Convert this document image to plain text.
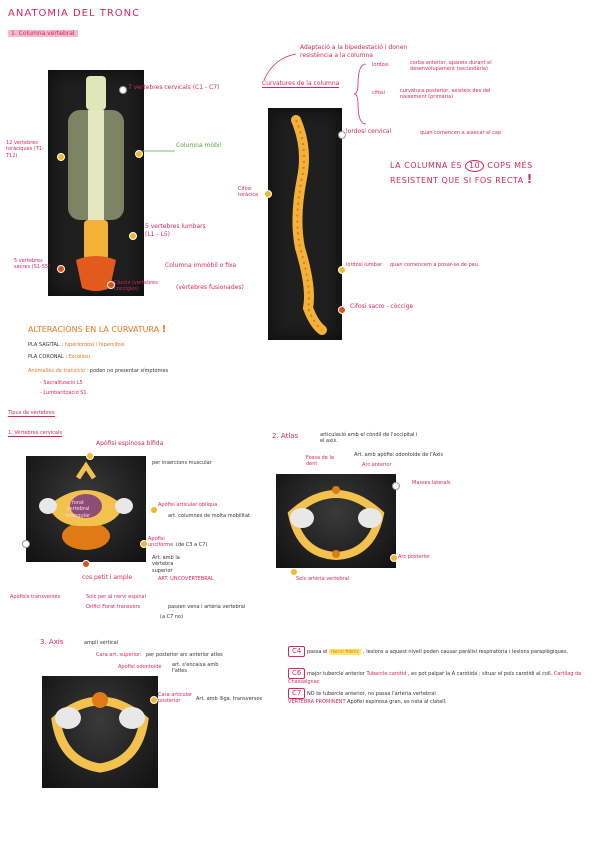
ANATOMIA DEL TRONC
1. Columna vertebral
7 vertebres cervicals (C1 - C7)
12 vertebres toràciques (T1-T12)
Columna mòbil
5 vertebres lumbars (L1 - L5)
5 vertebres sacres (S1-S5)	Columna immòbil o fixa
Còccix (vertebres coccígies)	(vèrtebres fusionades)
Adaptació a la bipedestació i donen resistència a la columna
Curvatures de la columna
lordosi	corba anterior, apareix durant el desenvolupament (secundària)
cifosi	curvatura posterior, existeix des del naixement (primària)
lordosi cervical	quan comencen a aixecar el cap
Cifosi toràcica
lordosi lumbar	quan comencem a posar-se de peu.
Cifosi sacro - còccige
LA COLUMNA ÉS 10 COPS MÉS RESISTENT QUE SI FOS RECTA !
ALTERACIONS EN LA CURVATURA !
PLA SAGITAL : hiperlordosi / hipercifosi
PLA CORONAL : Escoliosi
Anomalies de transició : poden no presentar símptomes
- Sacralització L5
- Lumbarització S1
Tipus de vèrtebres
1. Vèrtebres cervicals
forat vertebral triangular
Apòfisi espinosa bífida
per insercions muscular
Apòfisi articular oblíqua
art. columnes de molta mobilitat
Apòfisi unciforme (de C3 a C7)
Art. amb la vèrtebra superior
ART. UNCOVERTEBRAL
cos petit i ample
Apòfisis transverses	Solc per al nervi espinal
Orifici Forat transvers	passen vena i artèria vertebral
(a C7 no)
2. Atlas	articulació amb el còndil de l'occipital i el axis.
Fossa de la dent
Art. amb apòfisi odontoide de l'Axis
Arc anterior
Masses laterals
Arc posterior
Solc artèria vertebral
3. Axis	amplí vertical
Cara art. superior: per posterior arc anterior atles
Apòfisi odontoide art. s'encaixa amb l'atles
Cara articular posterior	Art. amb lliga. transversos
C4 passa el nervi frènic , lesions a aquest nivell poden causar paràlisi respiratòria i lesions paraplègiques.
C6 major tubercle anterior Tubercle caròtid , es pot palpar la A caròtida : situar el pols carotidi al coll. Cartílag de Chassaignac
C7 NO té tubercle anterior, no passa l'artèria vertebral
VERTEBRA PROMINENT Apòfisi espinosa gran, es nota al clatell.
